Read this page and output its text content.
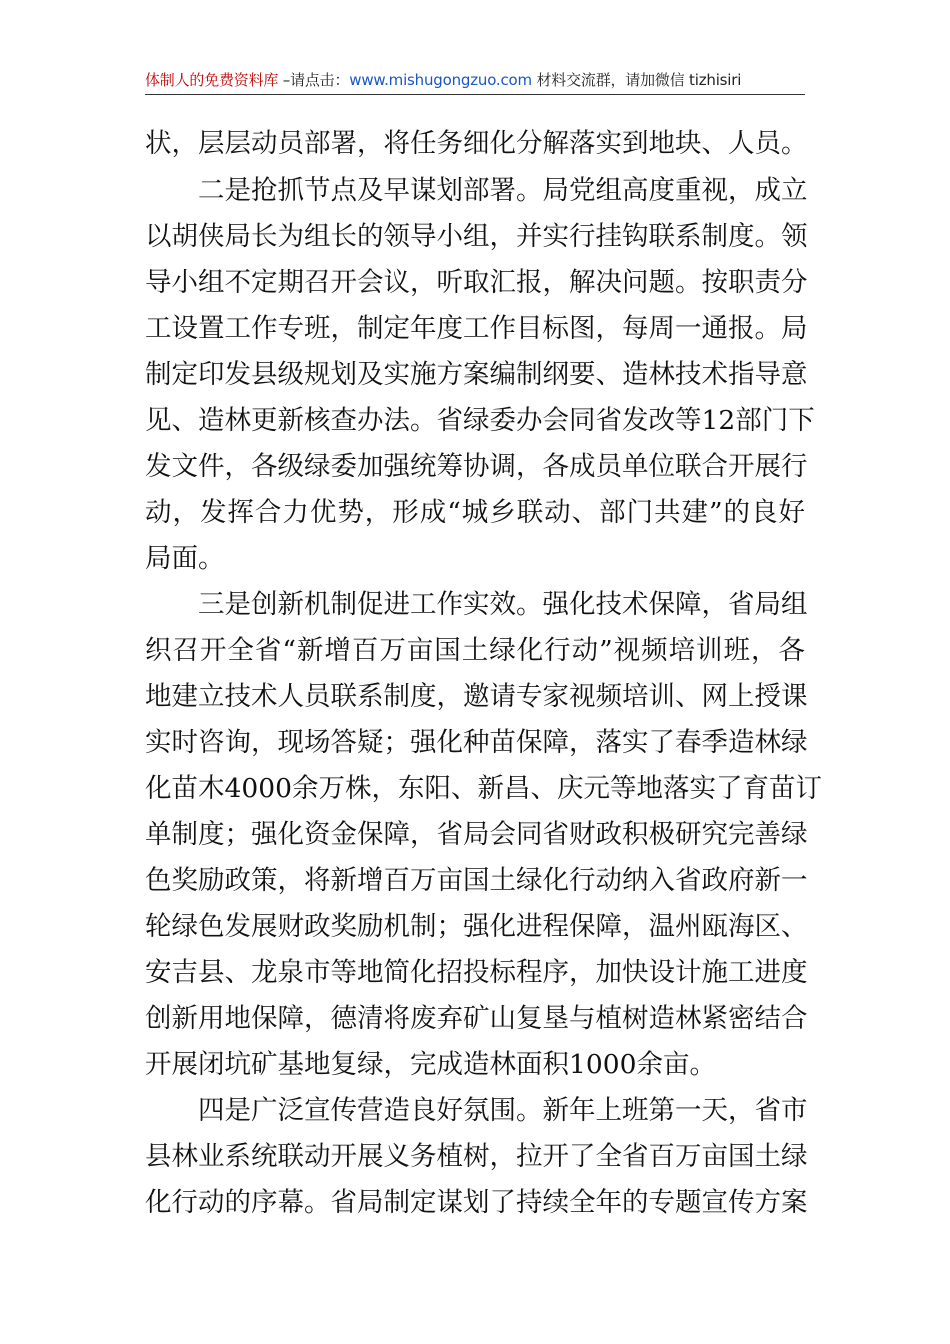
体制人的免费资料库 –请点击：www.mishugongzuo.com 材料交流群，请加微信 tizhisiri
状，层层动员部署，将任务细化分解落实到地块、人员。
二是抢抓节点及早谋划部署。局党组高度重视，成立
以胡侠局长为组长的领导小组，并实行挂钩联系制度。领
导小组不定期召开会议，听取汇报，解决问题。按职责分
工设置工作专班，制定年度工作目标图，每周一通报。局
制定印发县级规划及实施方案编制纲要、造林技术指导意
见、造林更新核查办法。省绿委办会同省发改等12部门下
发文件，各级绿委加强统筹协调，各成员单位联合开展行
动，发挥合力优势，形成“城乡联动、部门共建”的良好
局面。
三是创新机制促进工作实效。强化技术保障，省局组
织召开全省“新增百万亩国土绿化行动”视频培训班，各
地建立技术人员联系制度，邀请专家视频培训、网上授课
实时咨询，现场答疑；强化种苗保障，落实了春季造林绿
化苗木4000余万株，东阳、新昌、庆元等地落实了育苗订
单制度；强化资金保障，省局会同省财政积极研究完善绿
色奖励政策，将新增百万亩国土绿化行动纳入省政府新一
轮绿色发展财政奖励机制；强化进程保障，温州瓯海区、
安吉县、龙泉市等地简化招投标程序，加快设计施工进度
创新用地保障，德清将废弃矿山复垦与植树造林紧密结合
开展闭坑矿基地复绿，完成造林面积1000余亩。
四是广泛宣传营造良好氛围。新年上班第一天，省市
县林业系统联动开展义务植树，拉开了全省百万亩国土绿
化行动的序幕。省局制定谋划了持续全年的专题宣传方案
